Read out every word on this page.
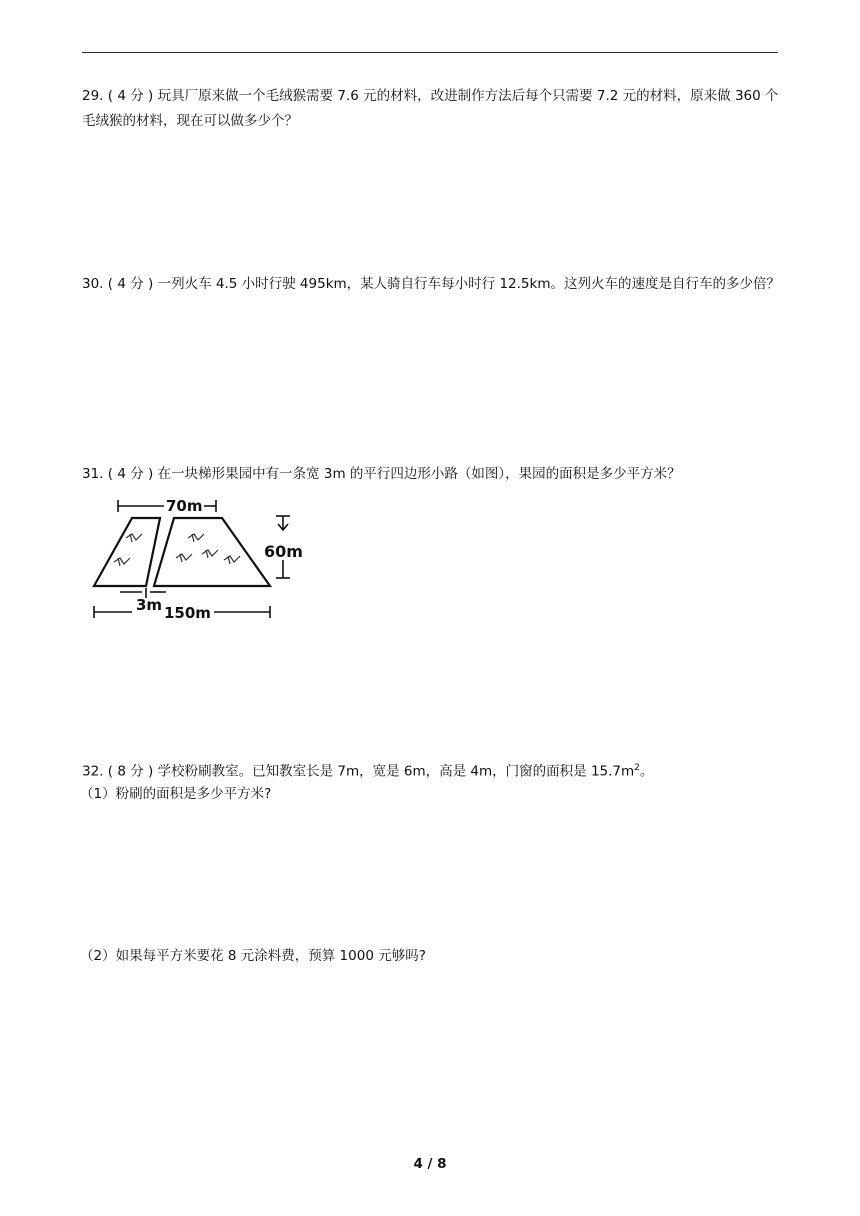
29. ( 4 分 ) 玩具厂原来做一个毛绒猴需要 7.6 元的材料，改进制作方法后每个只需要 7.2 元的材料，原来做 360 个毛绒猴的材料，现在可以做多少个？
30. ( 4 分 ) 一列火车 4.5 小时行驶 495km，某人骑自行车每小时行 12.5km。这列火车的速度是自行车的多少倍？
31. ( 4 分 ) 在一块梯形果园中有一条宽 3m 的平行四边形小路（如图），果园的面积是多少平方米？
70m
60m
3m 150m
32. ( 8 分 ) 学校粉刷教室。已知教室长是 7m，宽是 6m，高是 4m，门窗的面积是 $15.7m^2$。
（1）粉刷的面积是多少平方米?
（2）如果每平方米要花 8 元涂料费，预算 1000 元够吗?
4 / 8
